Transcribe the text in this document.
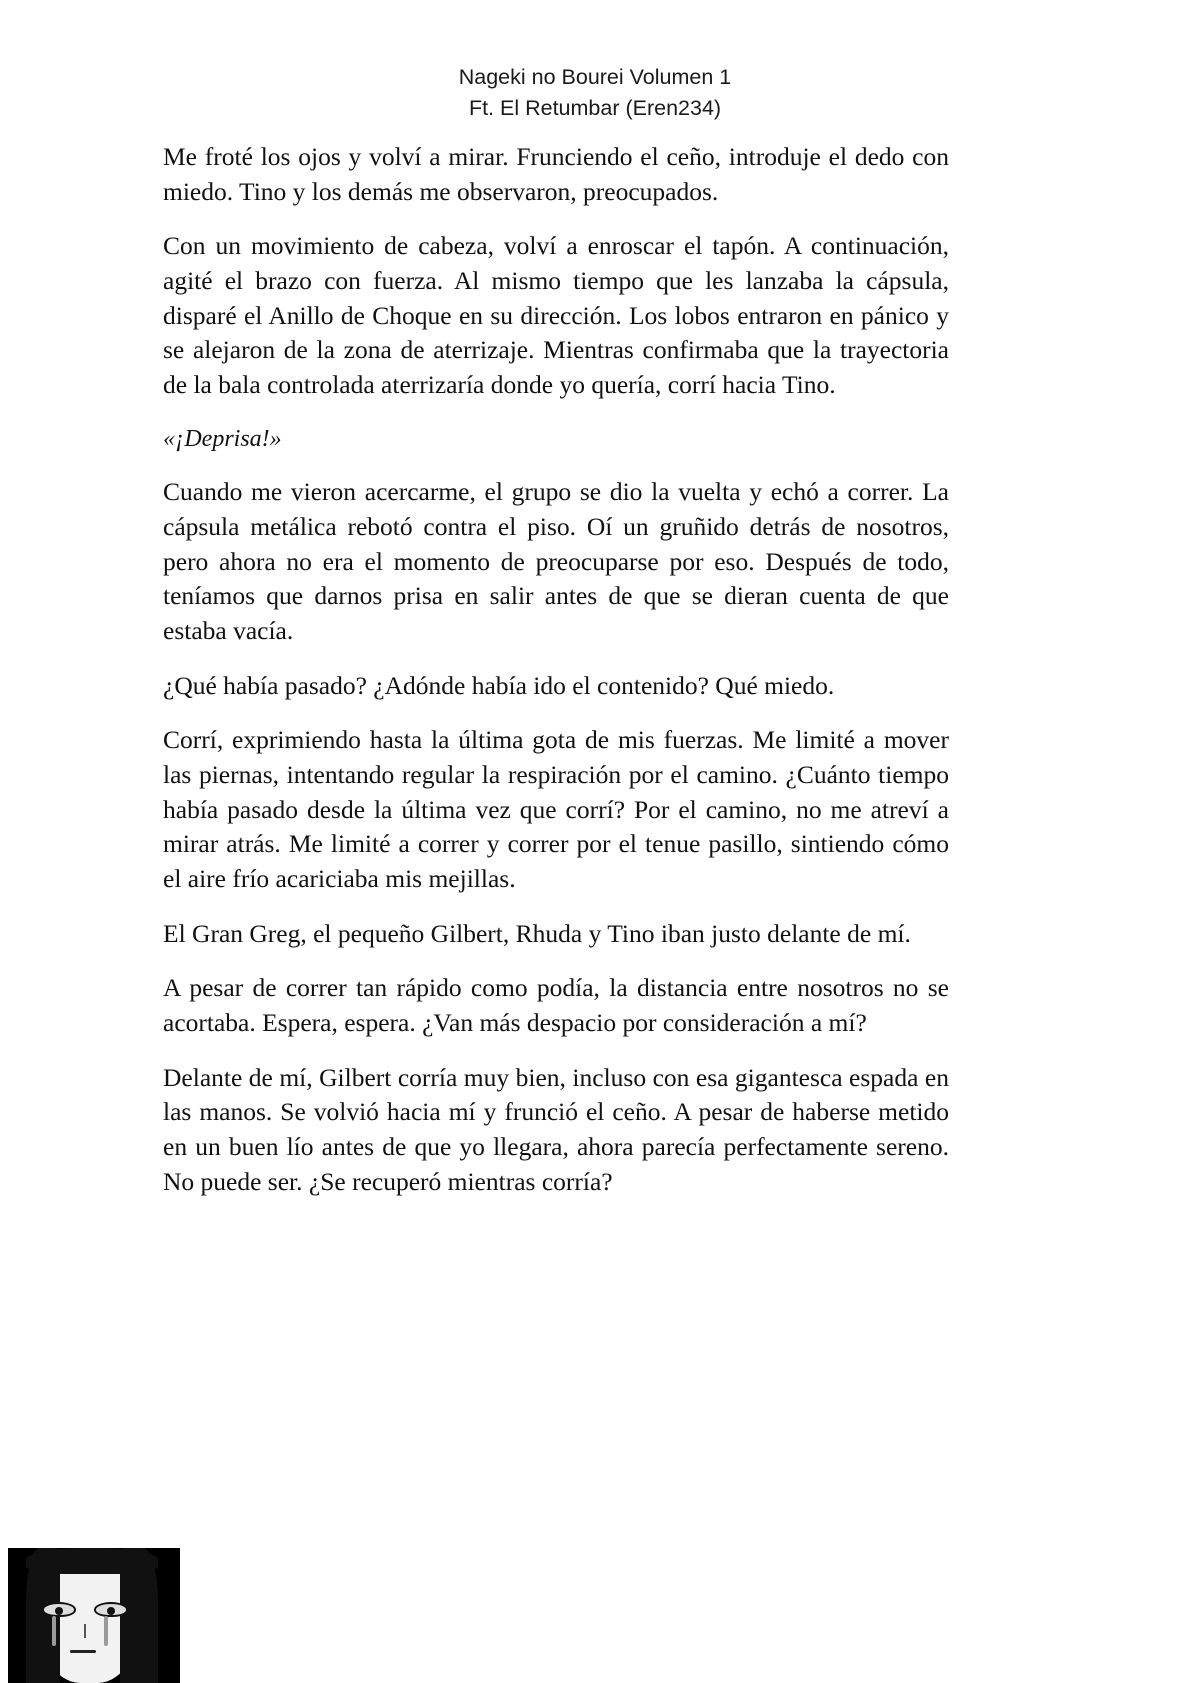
Nageki no Bourei Volumen 1
Ft. El Retumbar (Eren234)

Me froté los ojos y volví a mirar. Frunciendo el ceño, introduje el dedo con miedo. Tino y los demás me observaron, preocupados.

Con un movimiento de cabeza, volví a enroscar el tapón. A continuación, agité el brazo con fuerza. Al mismo tiempo que les lanzaba la cápsula, disparé el Anillo de Choque en su dirección. Los lobos entraron en pánico y se alejaron de la zona de aterrizaje. Mientras confirmaba que la trayectoria de la bala controlada aterrizaría donde yo quería, corrí hacia Tino.

«¡Deprisa!»

Cuando me vieron acercarme, el grupo se dio la vuelta y echó a correr. La cápsula metálica rebotó contra el piso. Oí un gruñido detrás de nosotros, pero ahora no era el momento de preocuparse por eso. Después de todo, teníamos que darnos prisa en salir antes de que se dieran cuenta de que estaba vacía.

¿Qué había pasado? ¿Adónde había ido el contenido? Qué miedo.

Corrí, exprimiendo hasta la última gota de mis fuerzas. Me limité a mover las piernas, intentando regular la respiración por el camino. ¿Cuánto tiempo había pasado desde la última vez que corrí? Por el camino, no me atreví a mirar atrás. Me limité a correr y correr por el tenue pasillo, sintiendo cómo el aire frío acariciaba mis mejillas.

El Gran Greg, el pequeño Gilbert, Rhuda y Tino iban justo delante de mí.

A pesar de correr tan rápido como podía, la distancia entre nosotros no se acortaba. Espera, espera. ¿Van más despacio por consideración a mí?

Delante de mí, Gilbert corría muy bien, incluso con esa gigantesca espada en las manos. Se volvió hacia mí y frunció el ceño. A pesar de haberse metido en un buen lío antes de que yo llegara, ahora parecía perfectamente sereno. No puede ser. ¿Se recuperó mientras corría?
